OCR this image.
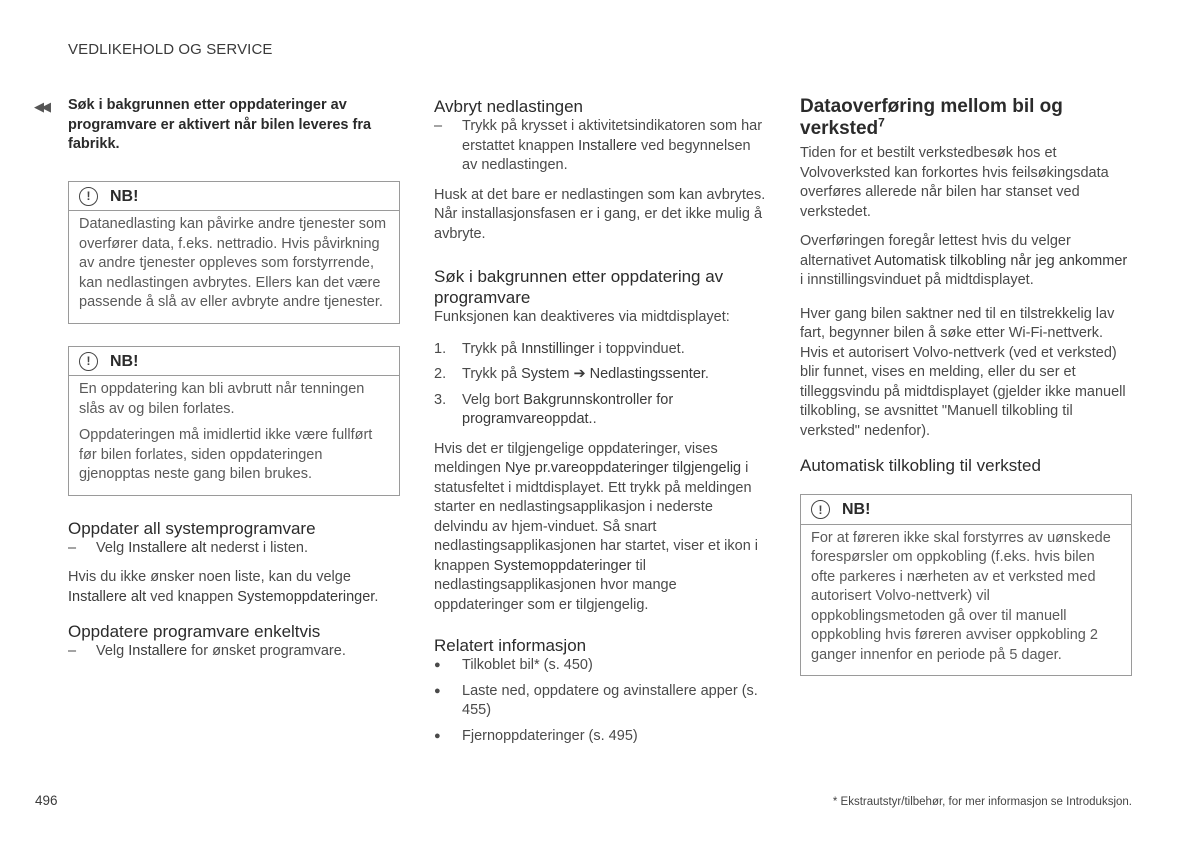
VEDLIKEHOLD OG SERVICE
◀◀ Søk i bakgrunnen etter oppdateringer av programvare er aktivert når bilen leveres fra fabrikk.
!	NB!

Datanedlasting kan påvirke andre tjenester som overfører data, f.eks. nettradio. Hvis påvirkning av andre tjenester oppleves som forstyrrende, kan nedlastingen avbrytes. Ellers kan det være passende å slå av eller avbryte andre tjenester.

!	NB!

En oppdatering kan bli avbrutt når tenningen slås av og bilen forlates.

Oppdateringen må imidlertid ikke være fullført før bilen forlates, siden oppdateringen gjenopptas neste gang bilen brukes.

Oppdater all systemprogramvare
–	Velg Installere alt nederst i listen.

Hvis du ikke ønsker noen liste, kan du velge Installere alt ved knappen Systemoppdateringer.

Oppdatere programvare enkeltvis
–	Velg Installere for ønsket programvare.
Avbryt nedlastingen
–	Trykk på krysset i aktivitetsindikatoren som har erstattet knappen Installere ved begynnelsen av nedlastingen.

Husk at det bare er nedlastingen som kan avbrytes. Når installasjonsfasen er i gang, er det ikke mulig å avbryte.

Søk i bakgrunnen etter oppdatering av programvare

Funksjonen kan deaktiveres via midtdisplayet:

1.	Trykk på Innstillinger i toppvinduet.
2.	Trykk på System ➔ Nedlastingssenter.
3.	Velg bort Bakgrunnskontroller for programvareoppdat..

Hvis det er tilgjengelige oppdateringer, vises meldingen Nye pr.vareoppdateringer tilgjengelig i statusfeltet i midtdisplayet. Ett trykk på meldingen starter en nedlastingsapplikasjon i nederste delvindu av hjem-vinduet. Så snart nedlastingsapplikasjonen har startet, viser et ikon i knappen Systemoppdateringer til nedlastingsapplikasjonen hvor mange oppdateringer som er tilgjengelig.

Relatert informasjon
●	Tilkoblet bil* (s. 450)
●	Laste ned, oppdatere og avinstallere apper (s. 455)
●	Fjernoppdateringer (s. 495)
Dataoverføring mellom bil og verksted$^7$

Tiden for et bestilt verkstedbesøk hos et Volvoverksted kan forkortes hvis feilsøkingsdata overføres allerede når bilen har stanset ved verkstedet.

Overføringen foregår lettest hvis du velger alternativet Automatisk tilkobling når jeg ankommer i innstillingsvinduet på midtdisplayet.

Hver gang bilen saktner ned til en tilstrekkelig lav fart, begynner bilen å søke etter Wi-Fi-nettverk. Hvis et autorisert Volvo-nettverk (ved et verksted) blir funnet, vises en melding, eller du ser et tilleggsvindu på midtdisplayet (gjelder ikke manuell tilkobling, se avsnittet "Manuell tilkobling til verksted" nedenfor).

Automatisk tilkobling til verksted
!	NB!

For at føreren ikke skal forstyrres av uønskede forespørsler om oppkobling (f.eks. hvis bilen ofte parkeres i nærheten av et verksted med autorisert Volvo-nettverk) vil oppkoblingsmetoden gå over til manuell oppkobling hvis føreren avviser oppkobling 2 ganger innenfor en periode på 5 dager.

496	* Ekstrautstyr/tilbehør, for mer informasjon se Introduksjon.
